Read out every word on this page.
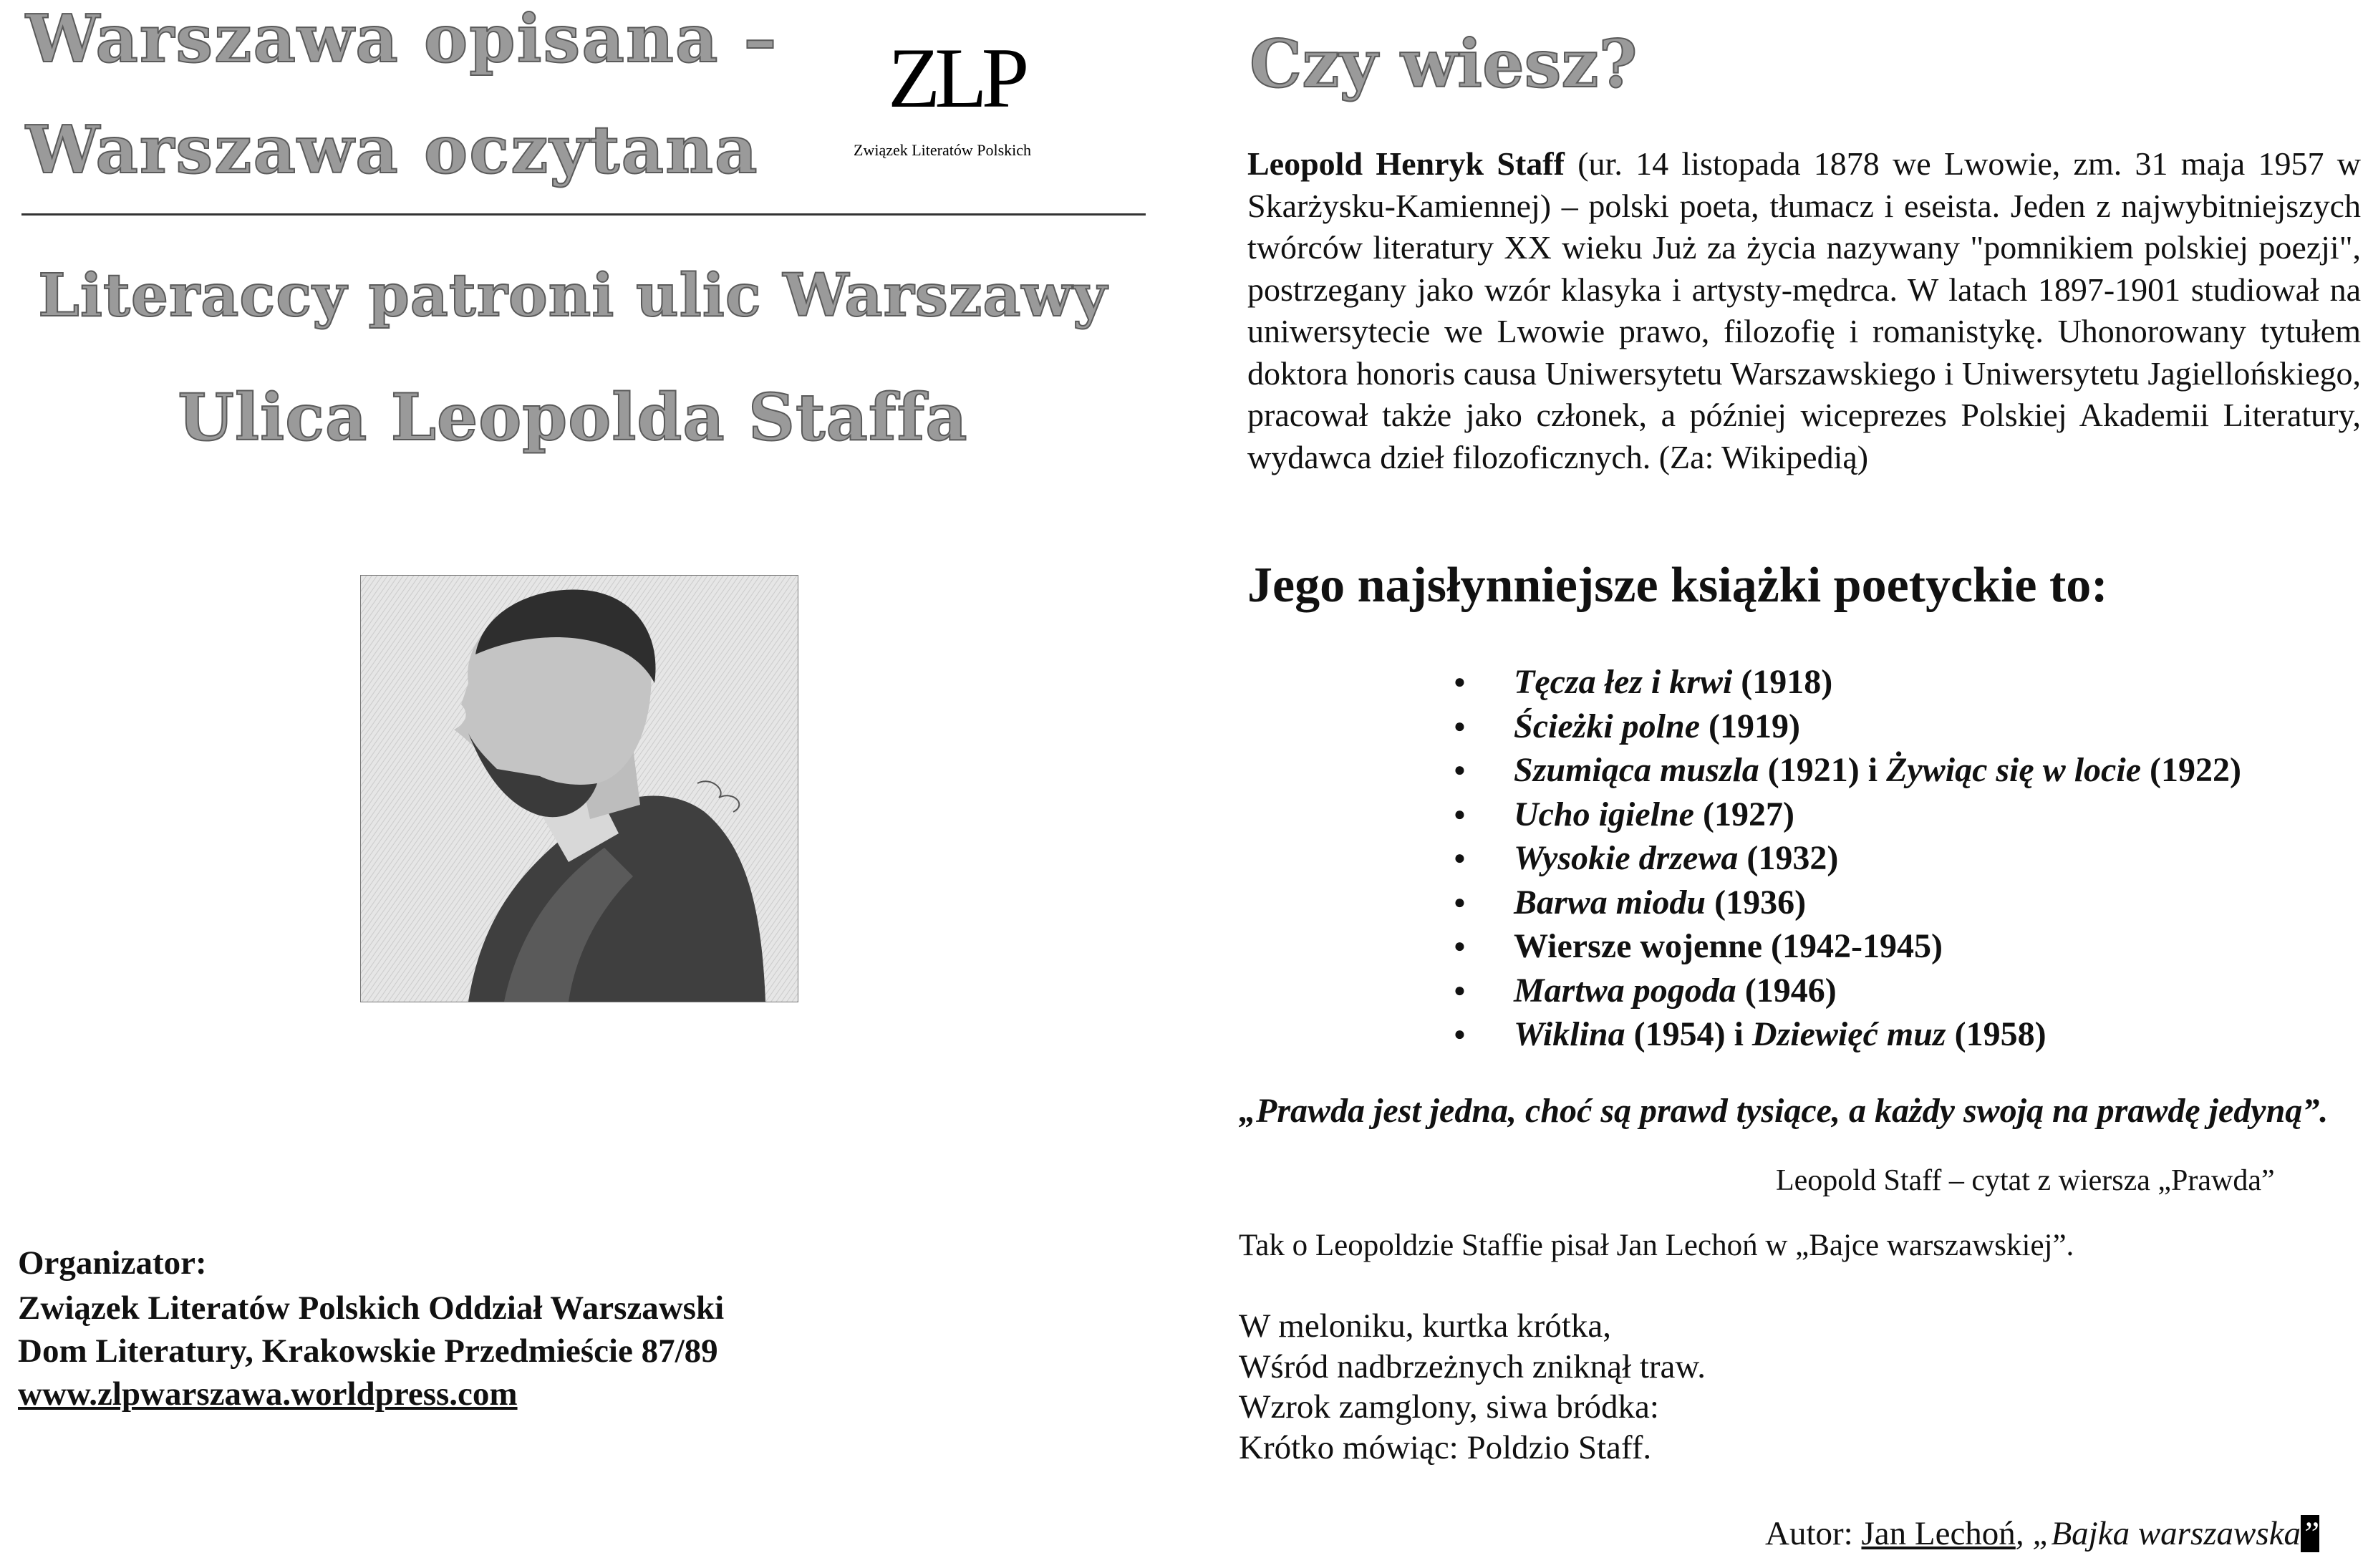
Warszawa opisana –
Warszawa oczytana
ZLP
Związek Literatów Polskich
Literaccy patroni ulic Warszawy
Ulica Leopolda Staffa
Organizator:
Związek Literatów Polskich Oddział Warszawski
Dom Literatury, Krakowskie Przedmieście 87/89
www.zlpwarszawa.worldpress.com
Czy wiesz?
Leopold Henryk Staff (ur. 14 listopada 1878 we Lwowie, zm. 31 maja 1957 w Skarżysku-Kamiennej) – polski poeta, tłumacz i eseista. Jeden z najwybitniejszych twórców literatury XX wieku Już za życia nazywany "pomnikiem polskiej poezji", postrzegany jako wzór klasyka i artysty-mędrca. W latach 1897-1901 studiował na uniwersytecie we Lwowie prawo, filozofię i romanistykę. Uhonorowany tytułem doktora honoris causa Uniwersytetu Warszawskiego i Uniwersytetu Jagiellońskiego, pracował także jako członek, a później wiceprezes Polskiej Akademii Literatury, wydawca dzieł filozoficznych. (Za: Wikipedią)
Jego najsłynniejsze książki poetyckie to:
● Tęcza łez i krwi (1918)
● Ścieżki polne (1919)
● Szumiąca muszla (1921) i Żywiąc się w locie (1922)
● Ucho igielne (1927)
● Wysokie drzewa (1932)
● Barwa miodu (1936)
● Wiersze wojenne (1942-1945)
● Martwa pogoda (1946)
● Wiklina (1954) i Dziewięć muz (1958)
„Prawda jest jedna, choć są prawd tysiące, a każdy swoją na prawdę jedyną”.
Leopold Staff – cytat z wiersza „Prawda”
Tak o Leopoldzie Staffie pisał Jan Lechoń w „Bajce warszawskiej”.
W meloniku, kurtka krótka,
Wśród nadbrzeżnych zniknął traw.
Wzrok zamglony, siwa bródka:
Krótko mówiąc: Poldzio Staff.
Autor: Jan Lechoń, „Bajka warszawska”
